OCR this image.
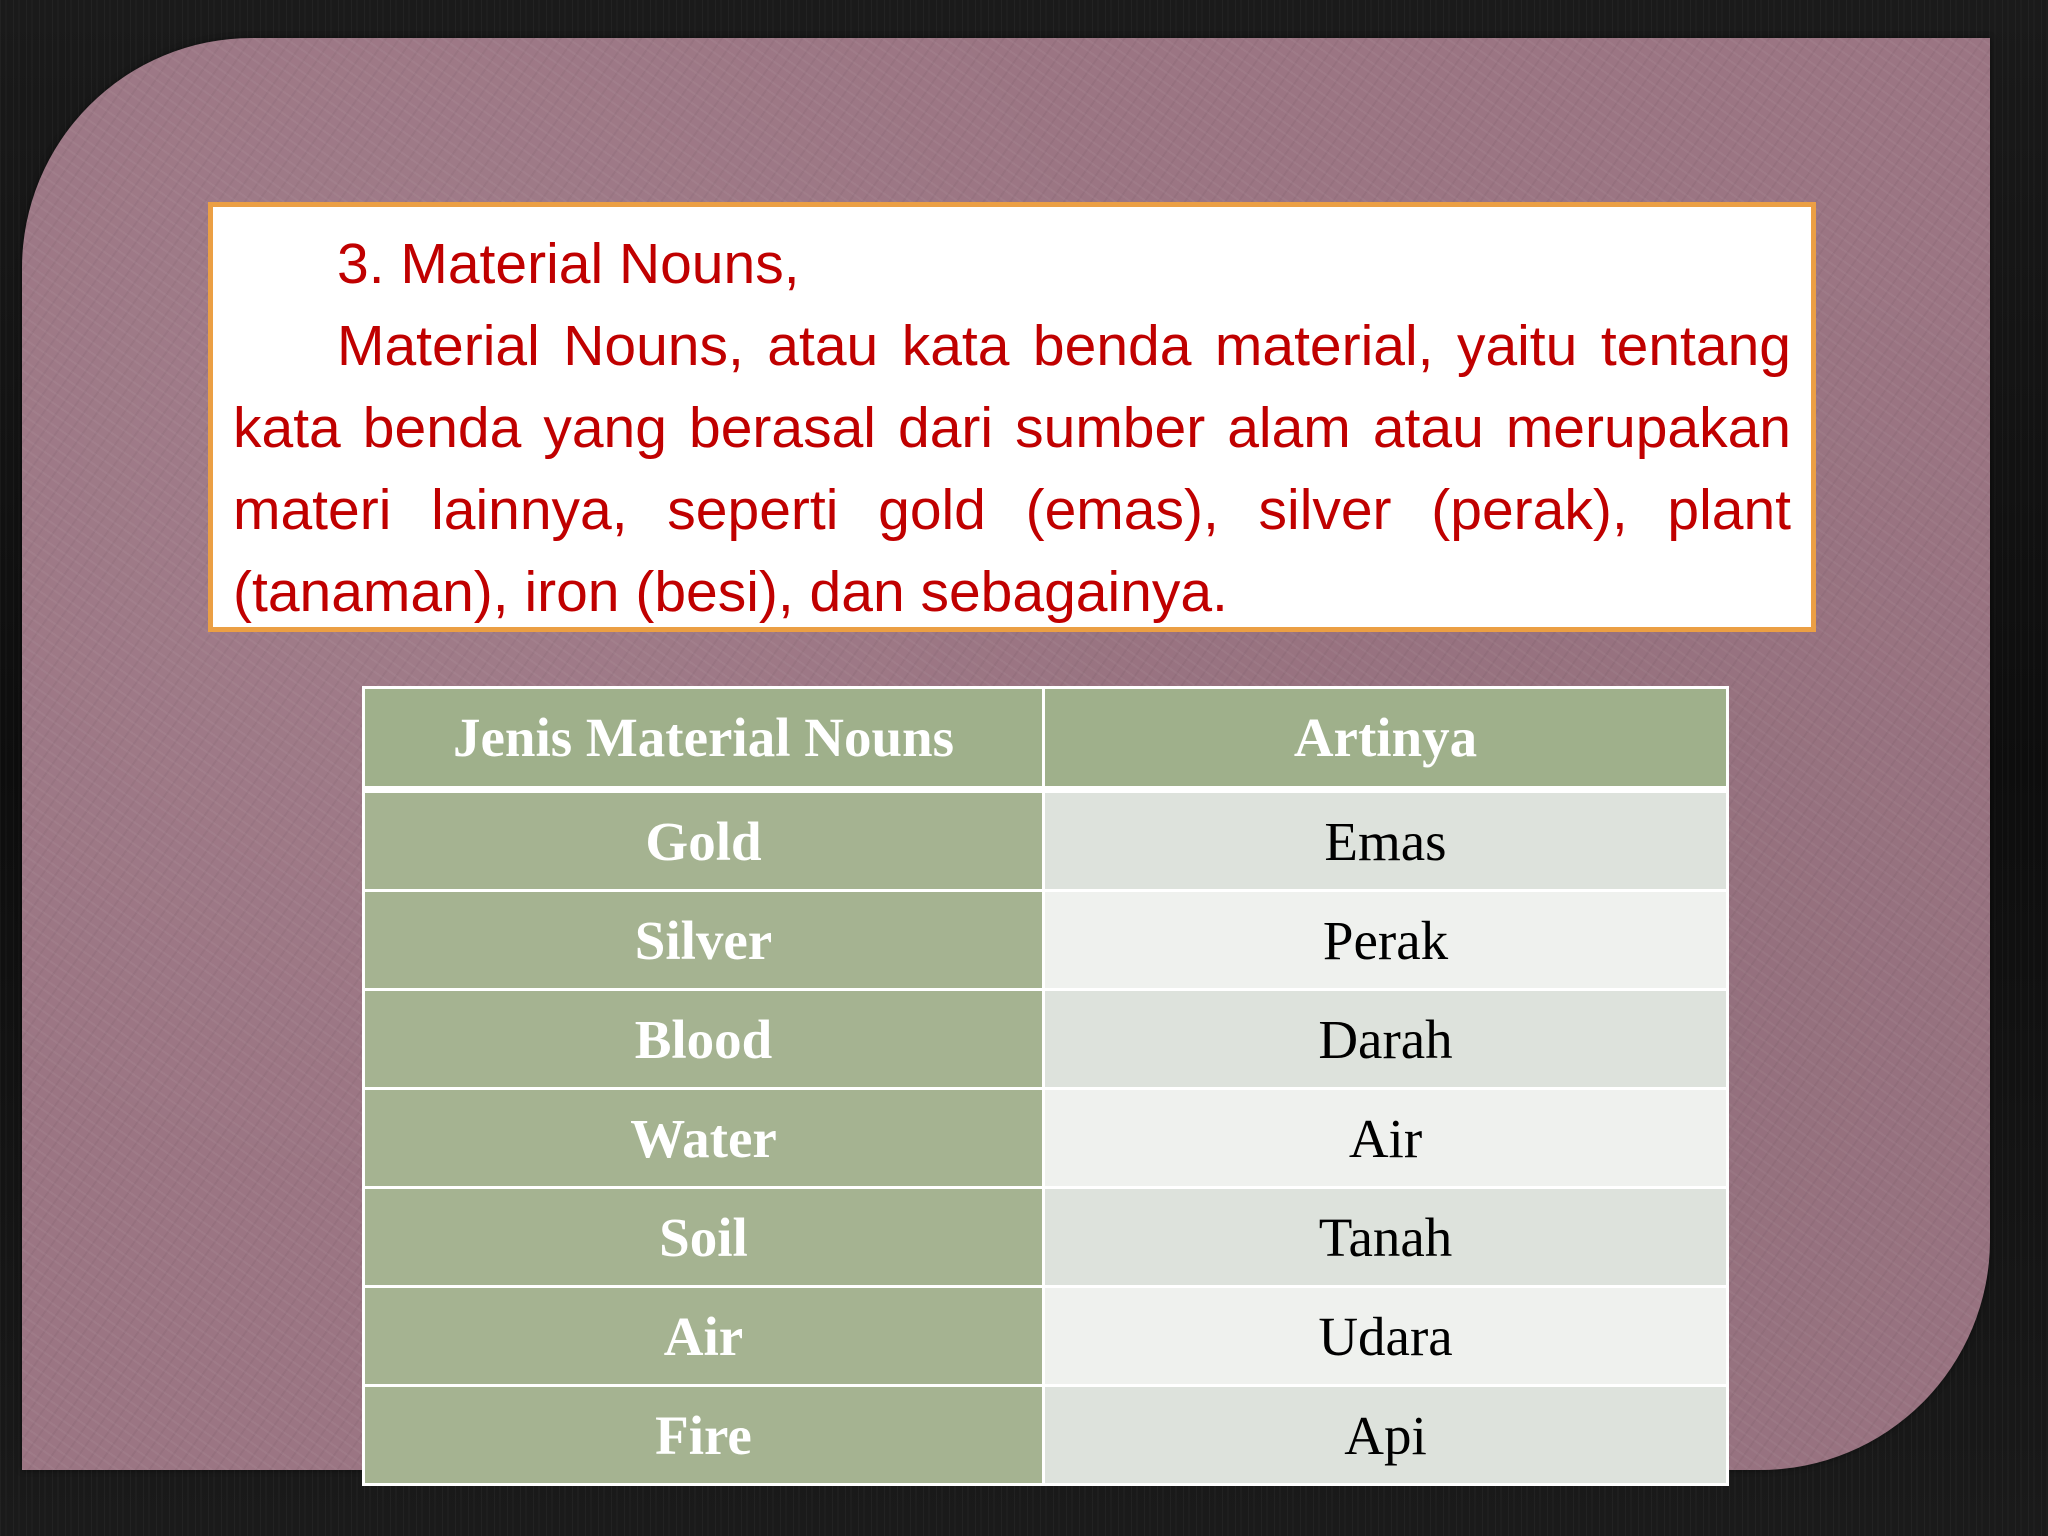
3. Material Nouns,

Material Nouns, atau kata benda material, yaitu tentang kata benda yang berasal dari sumber alam atau merupakan materi lainnya, seperti gold (emas), silver (perak), plant (tanaman), iron (besi), dan sebagainya.

Jenis Material Nouns	Artinya
Gold	Emas
Silver	Perak
Blood	Darah
Water	Air
Soil	Tanah
Air	Udara
Fire	Api
